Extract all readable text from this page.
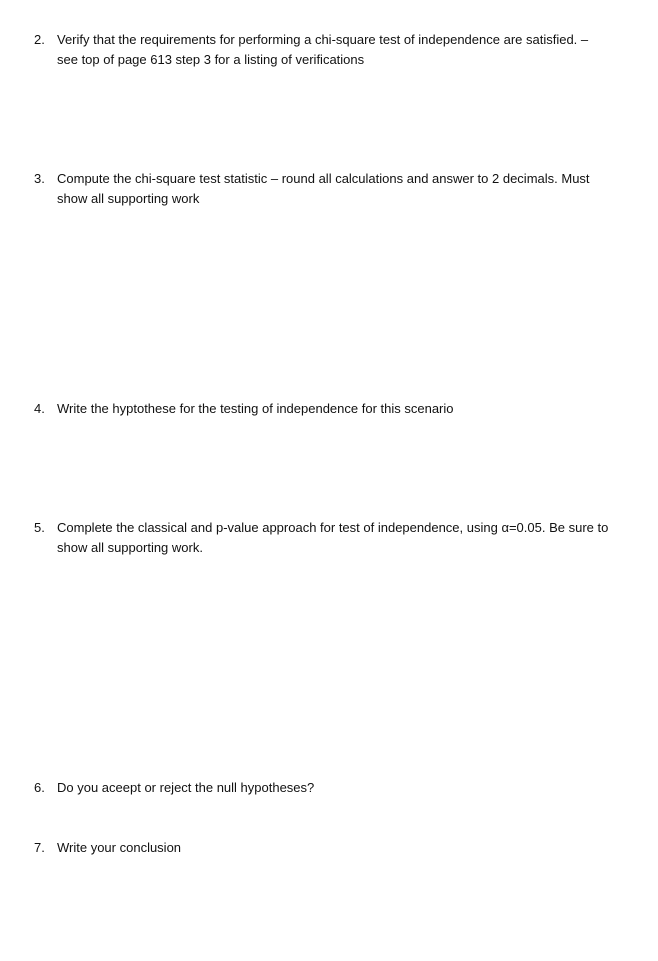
2. Verify that the requirements for performing a chi-square test of independence are satisfied. –
see top of page 613 step 3 for a listing of verifications
3. Compute the chi-square test statistic – round all calculations and answer to 2 decimals. Must
show all supporting work
4. Write the hyptothese for the testing of independence for this scenario
5. Complete the classical and p-value approach for test of independence, using α=0.05. Be sure to
show all supporting work.
6. Do you aceept or reject the null hypotheses?
7. Write your conclusion
